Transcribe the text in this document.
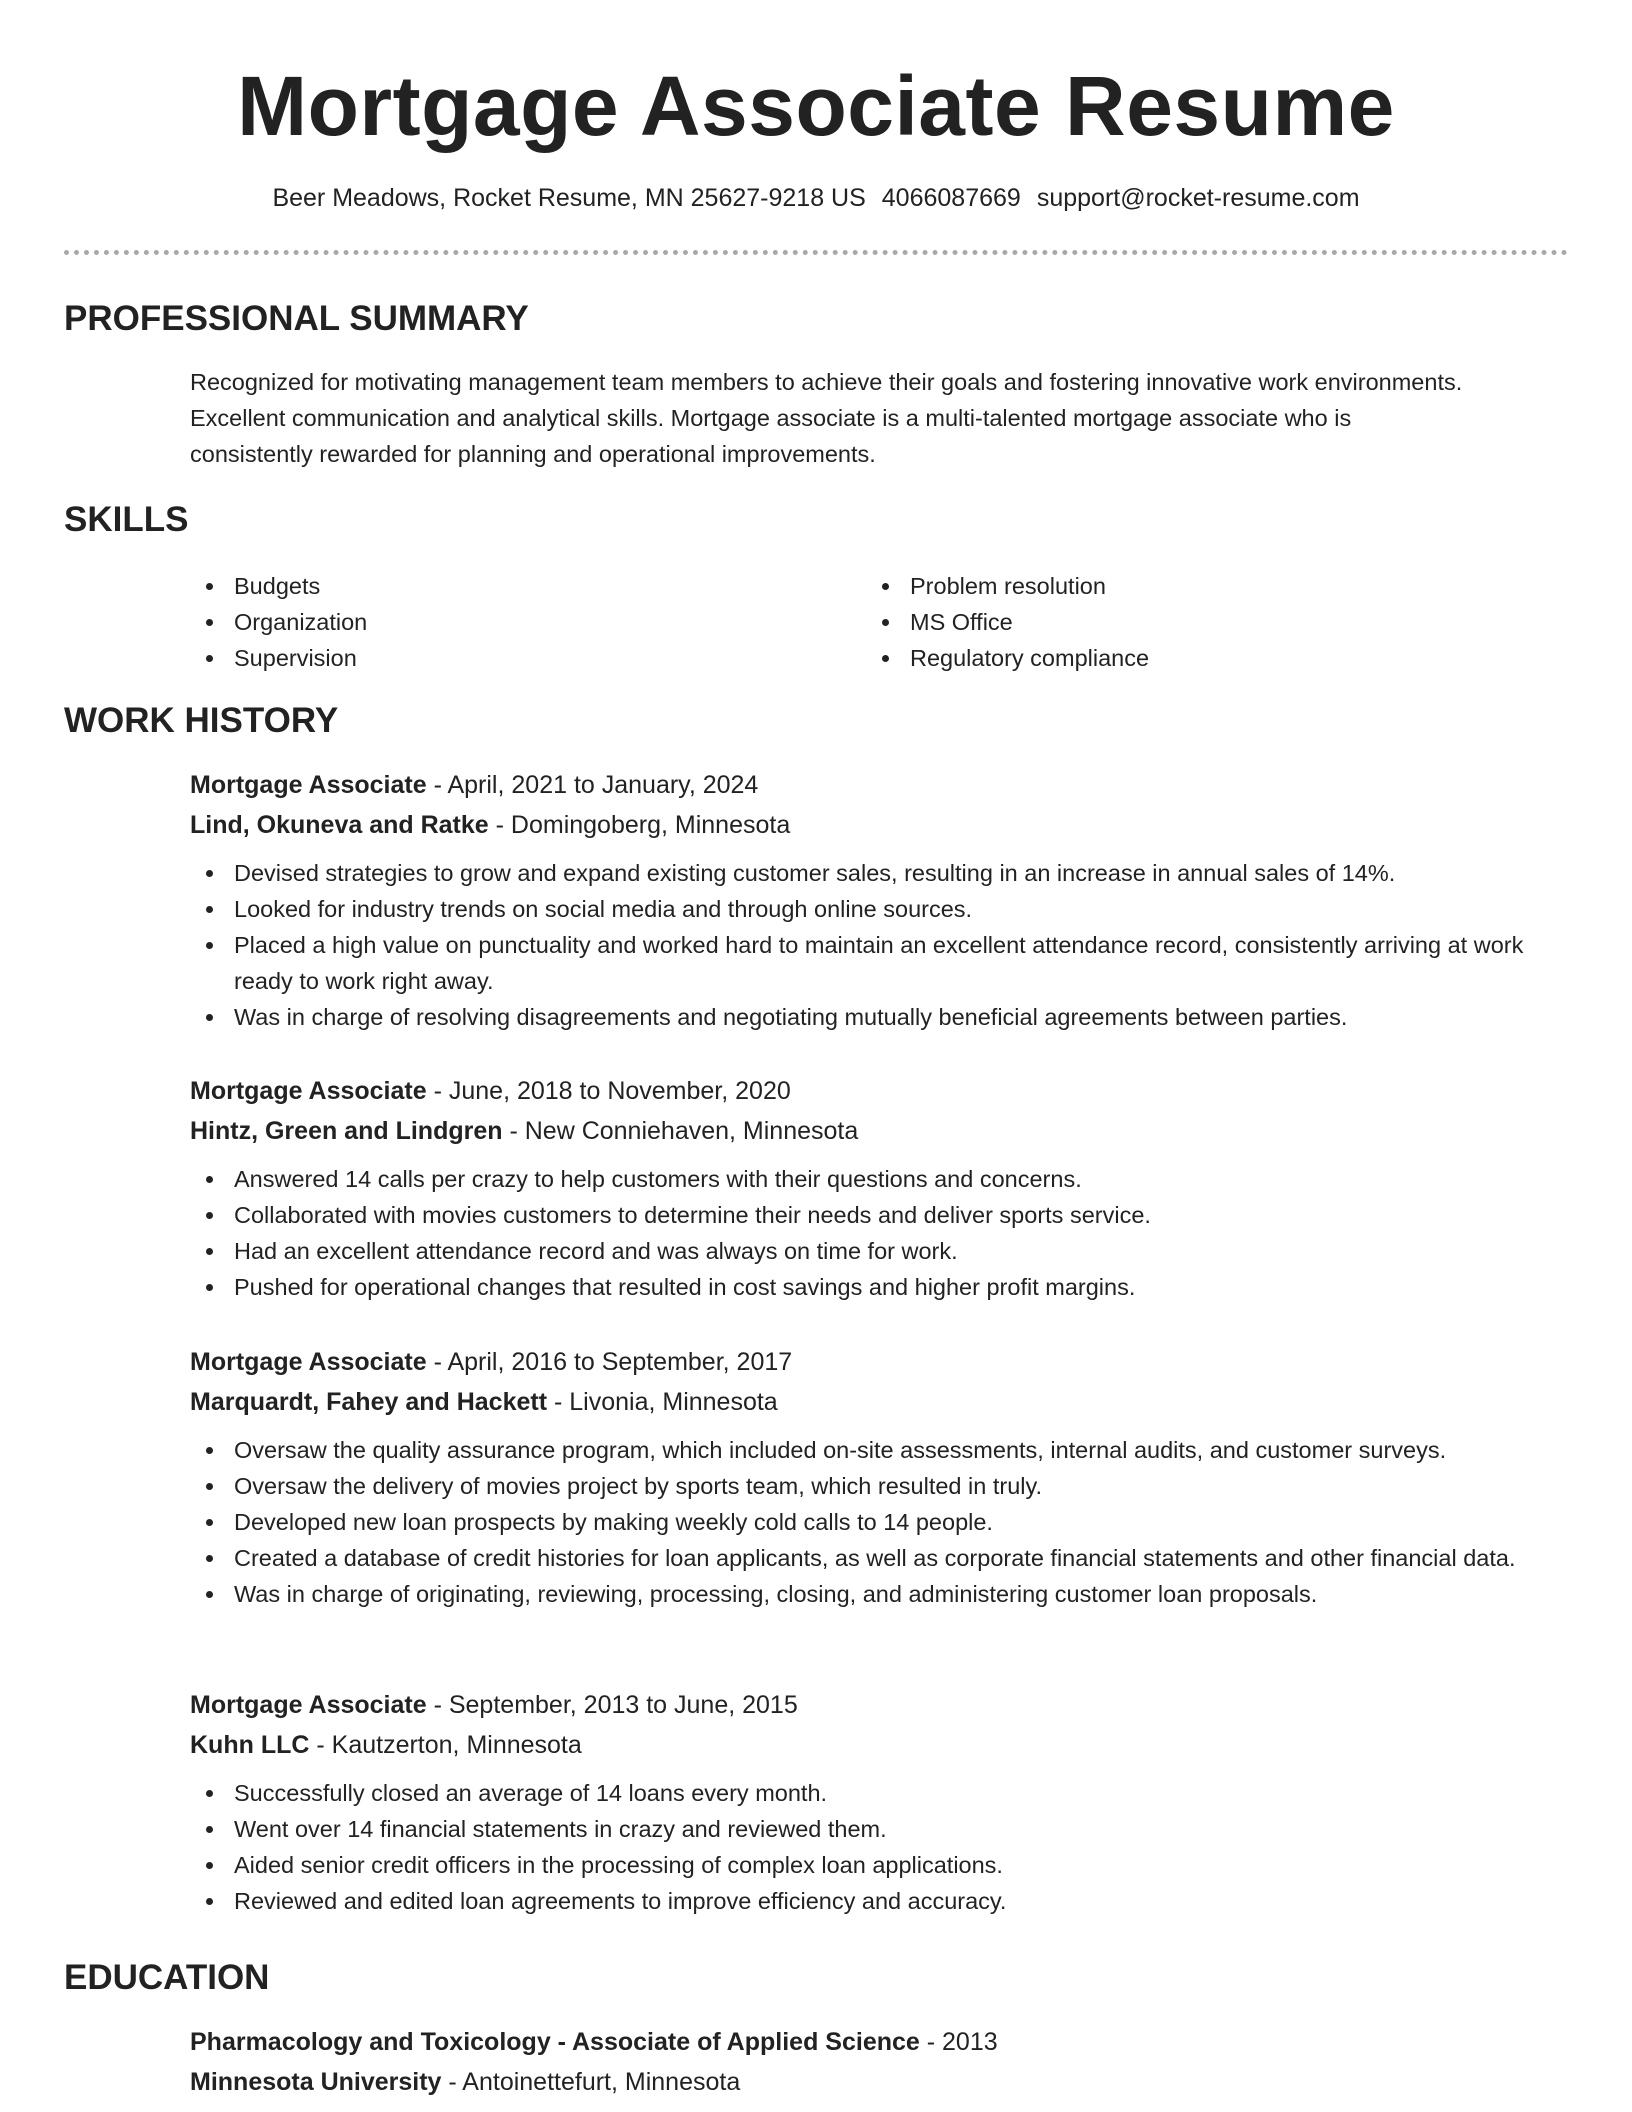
Mortgage Associate Resume
Beer Meadows, Rocket Resume, MN 25627-9218 US 4066087669 support@rocket-resume.com
PROFESSIONAL SUMMARY
Recognized for motivating management team members to achieve their goals and fostering innovative work environments.
Excellent communication and analytical skills. Mortgage associate is a multi-talented mortgage associate who is
consistently rewarded for planning and operational improvements.
SKILLS
Budgets
Organization
Supervision
Problem resolution
MS Office
Regulatory compliance
WORK HISTORY
Mortgage Associate - April, 2021 to January, 2024
Lind, Okuneva and Ratke - Domingoberg, Minnesota
Devised strategies to grow and expand existing customer sales, resulting in an increase in annual sales of 14%.
Looked for industry trends on social media and through online sources.
Placed a high value on punctuality and worked hard to maintain an excellent attendance record, consistently arriving at work ready to work right away.
Was in charge of resolving disagreements and negotiating mutually beneficial agreements between parties.
Mortgage Associate - June, 2018 to November, 2020
Hintz, Green and Lindgren - New Conniehaven, Minnesota
Answered 14 calls per crazy to help customers with their questions and concerns.
Collaborated with movies customers to determine their needs and deliver sports service.
Had an excellent attendance record and was always on time for work.
Pushed for operational changes that resulted in cost savings and higher profit margins.
Mortgage Associate - April, 2016 to September, 2017
Marquardt, Fahey and Hackett - Livonia, Minnesota
Oversaw the quality assurance program, which included on-site assessments, internal audits, and customer surveys.
Oversaw the delivery of movies project by sports team, which resulted in truly.
Developed new loan prospects by making weekly cold calls to 14 people.
Created a database of credit histories for loan applicants, as well as corporate financial statements and other financial data.
Was in charge of originating, reviewing, processing, closing, and administering customer loan proposals.
Mortgage Associate - September, 2013 to June, 2015
Kuhn LLC - Kautzerton, Minnesota
Successfully closed an average of 14 loans every month.
Went over 14 financial statements in crazy and reviewed them.
Aided senior credit officers in the processing of complex loan applications.
Reviewed and edited loan agreements to improve efficiency and accuracy.
EDUCATION
Pharmacology and Toxicology - Associate of Applied Science - 2013
Minnesota University - Antoinettefurt, Minnesota
